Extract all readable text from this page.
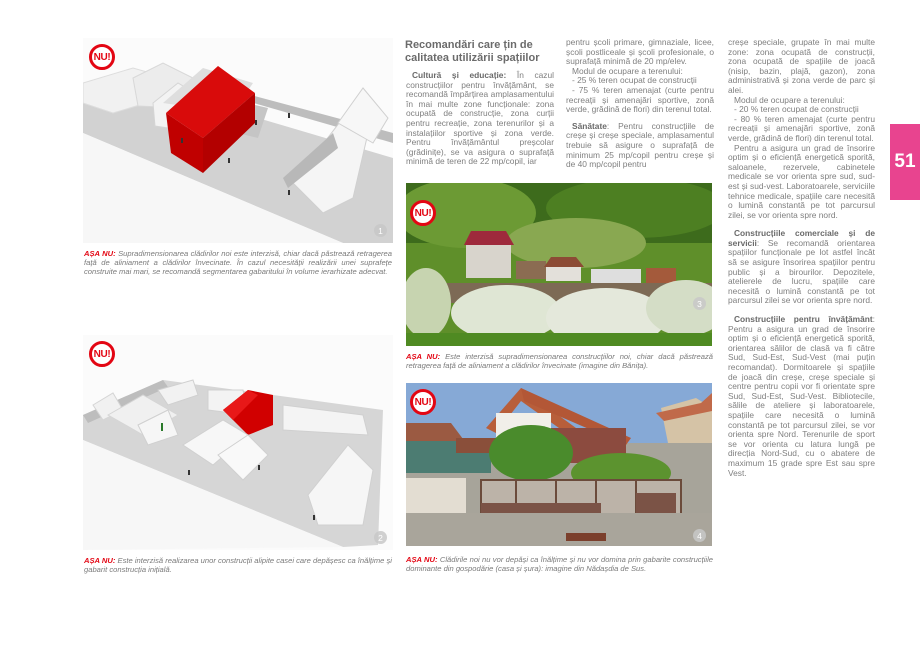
NU!
1
AȘA NU: Supradimensionarea clădirilor noi este interzisă, chiar dacă păstrează retragerea față de aliniament a clădirilor învecinate. În cazul necesității realizării unei suprafețe construite mai mari, se recomandă segmentarea gabaritului în volume ierarhizate adecvat.
NU!
2
AȘA NU: Este interzisă realizarea unor construcții alipite casei care depășesc ca înălțime și gabarit construcția inițială.
Recomandări care țin de calitatea utilizării spațiilor

Cultură și educație: În cazul construcțiilor pentru învățământ, se recomandă împărțirea amplasamentului în mai multe zone funcționale: zona ocupată de construcție, zona curții pentru recreație, zona terenurilor și a instalațiilor sportive și zona verde. Pentru învățământul preșcolar (grădinițe), se va asigura o suprafață minimă de teren de 22 mp/copil, iar

pentru școli primare, gimnaziale, licee, școli postliceale și școli profesionale, o suprafață minimă de 20 mp/elev.

Modul de ocupare a terenului:

- 25 % teren ocupat de construcții

- 75 % teren amenajat (curte pentru recreații și amenajări sportive, zonă verde, grădină de flori) din terenul total.

Sănătate: Pentru construcțiile de creșe și creșe speciale, amplasamentul trebuie să asigure o suprafață de minimum 25 mp/copil pentru creșe și de 40 mp/copil pentru

NU!
3
AȘA NU: Este interzisă supradimensionarea construcțiilor noi, chiar dacă păstrează retragerea față de aliniament a clădirilor învecinate (imagine din Bănița).
NU!
4
AȘA NU: Clădirile noi nu vor depăși ca înălțime și nu vor domina prin gabarite construcțiile dominante din gospodărie (casa și șura): imagine din Nădașdia de Sus.

creșe speciale, grupate în mai multe zone: zona ocupată de construcții, zona ocupată de spațiile de joacă (nisip, bazin, plajă, gazon), zona administrativă și zona verde de parc și alei.

Modul de ocupare a terenului:

- 20 % teren ocupat de construcții

- 80 % teren amenajat (curte pentru recreații și amenajări sportive, zonă verde, grădină de flori) din terenul total.

Pentru a asigura un grad de însorire optim și o eficiență energetică sporită, saloanele, rezervele, cabinetele medicale se vor orienta spre sud, sud-est și sud-vest. Laboratoarele, serviciile tehnice medicale, spațiile care necesită o lumină constantă pe tot parcursul zilei, se vor orienta spre nord.

Construcțiile comerciale și de servicii: Se recomandă orientarea spațiilor funcționale pe lot astfel încât să se asigure însorirea spațiilor pentru public și a birourilor. Depozitele, atelierele de lucru, spațiile care necesită o lumină constantă pe tot parcursul zilei se vor orienta spre nord.

Construcțiile pentru învățământ: Pentru a asigura un grad de însorire optim și o eficiență energetică sporită, orientarea sălilor de clasă va fi către Sud, Sud-Est, Sud-Vest (mai puțin recomandat). Dormitoarele și spațiile de joacă din creșe, creșe speciale și centre pentru copii vor fi orientate spre Sud, Sud-Est, Sud-Vest. Bibliotecile, sălile de ateliere și laboratoarele, spațiile care necesită o lumină constantă pe tot parcursul zilei, se vor orienta spre Nord. Terenurile de sport se vor orienta cu latura lungă pe direcția Nord-Sud, cu o abatere de maximum 15 grade spre Est sau spre Vest.

51
